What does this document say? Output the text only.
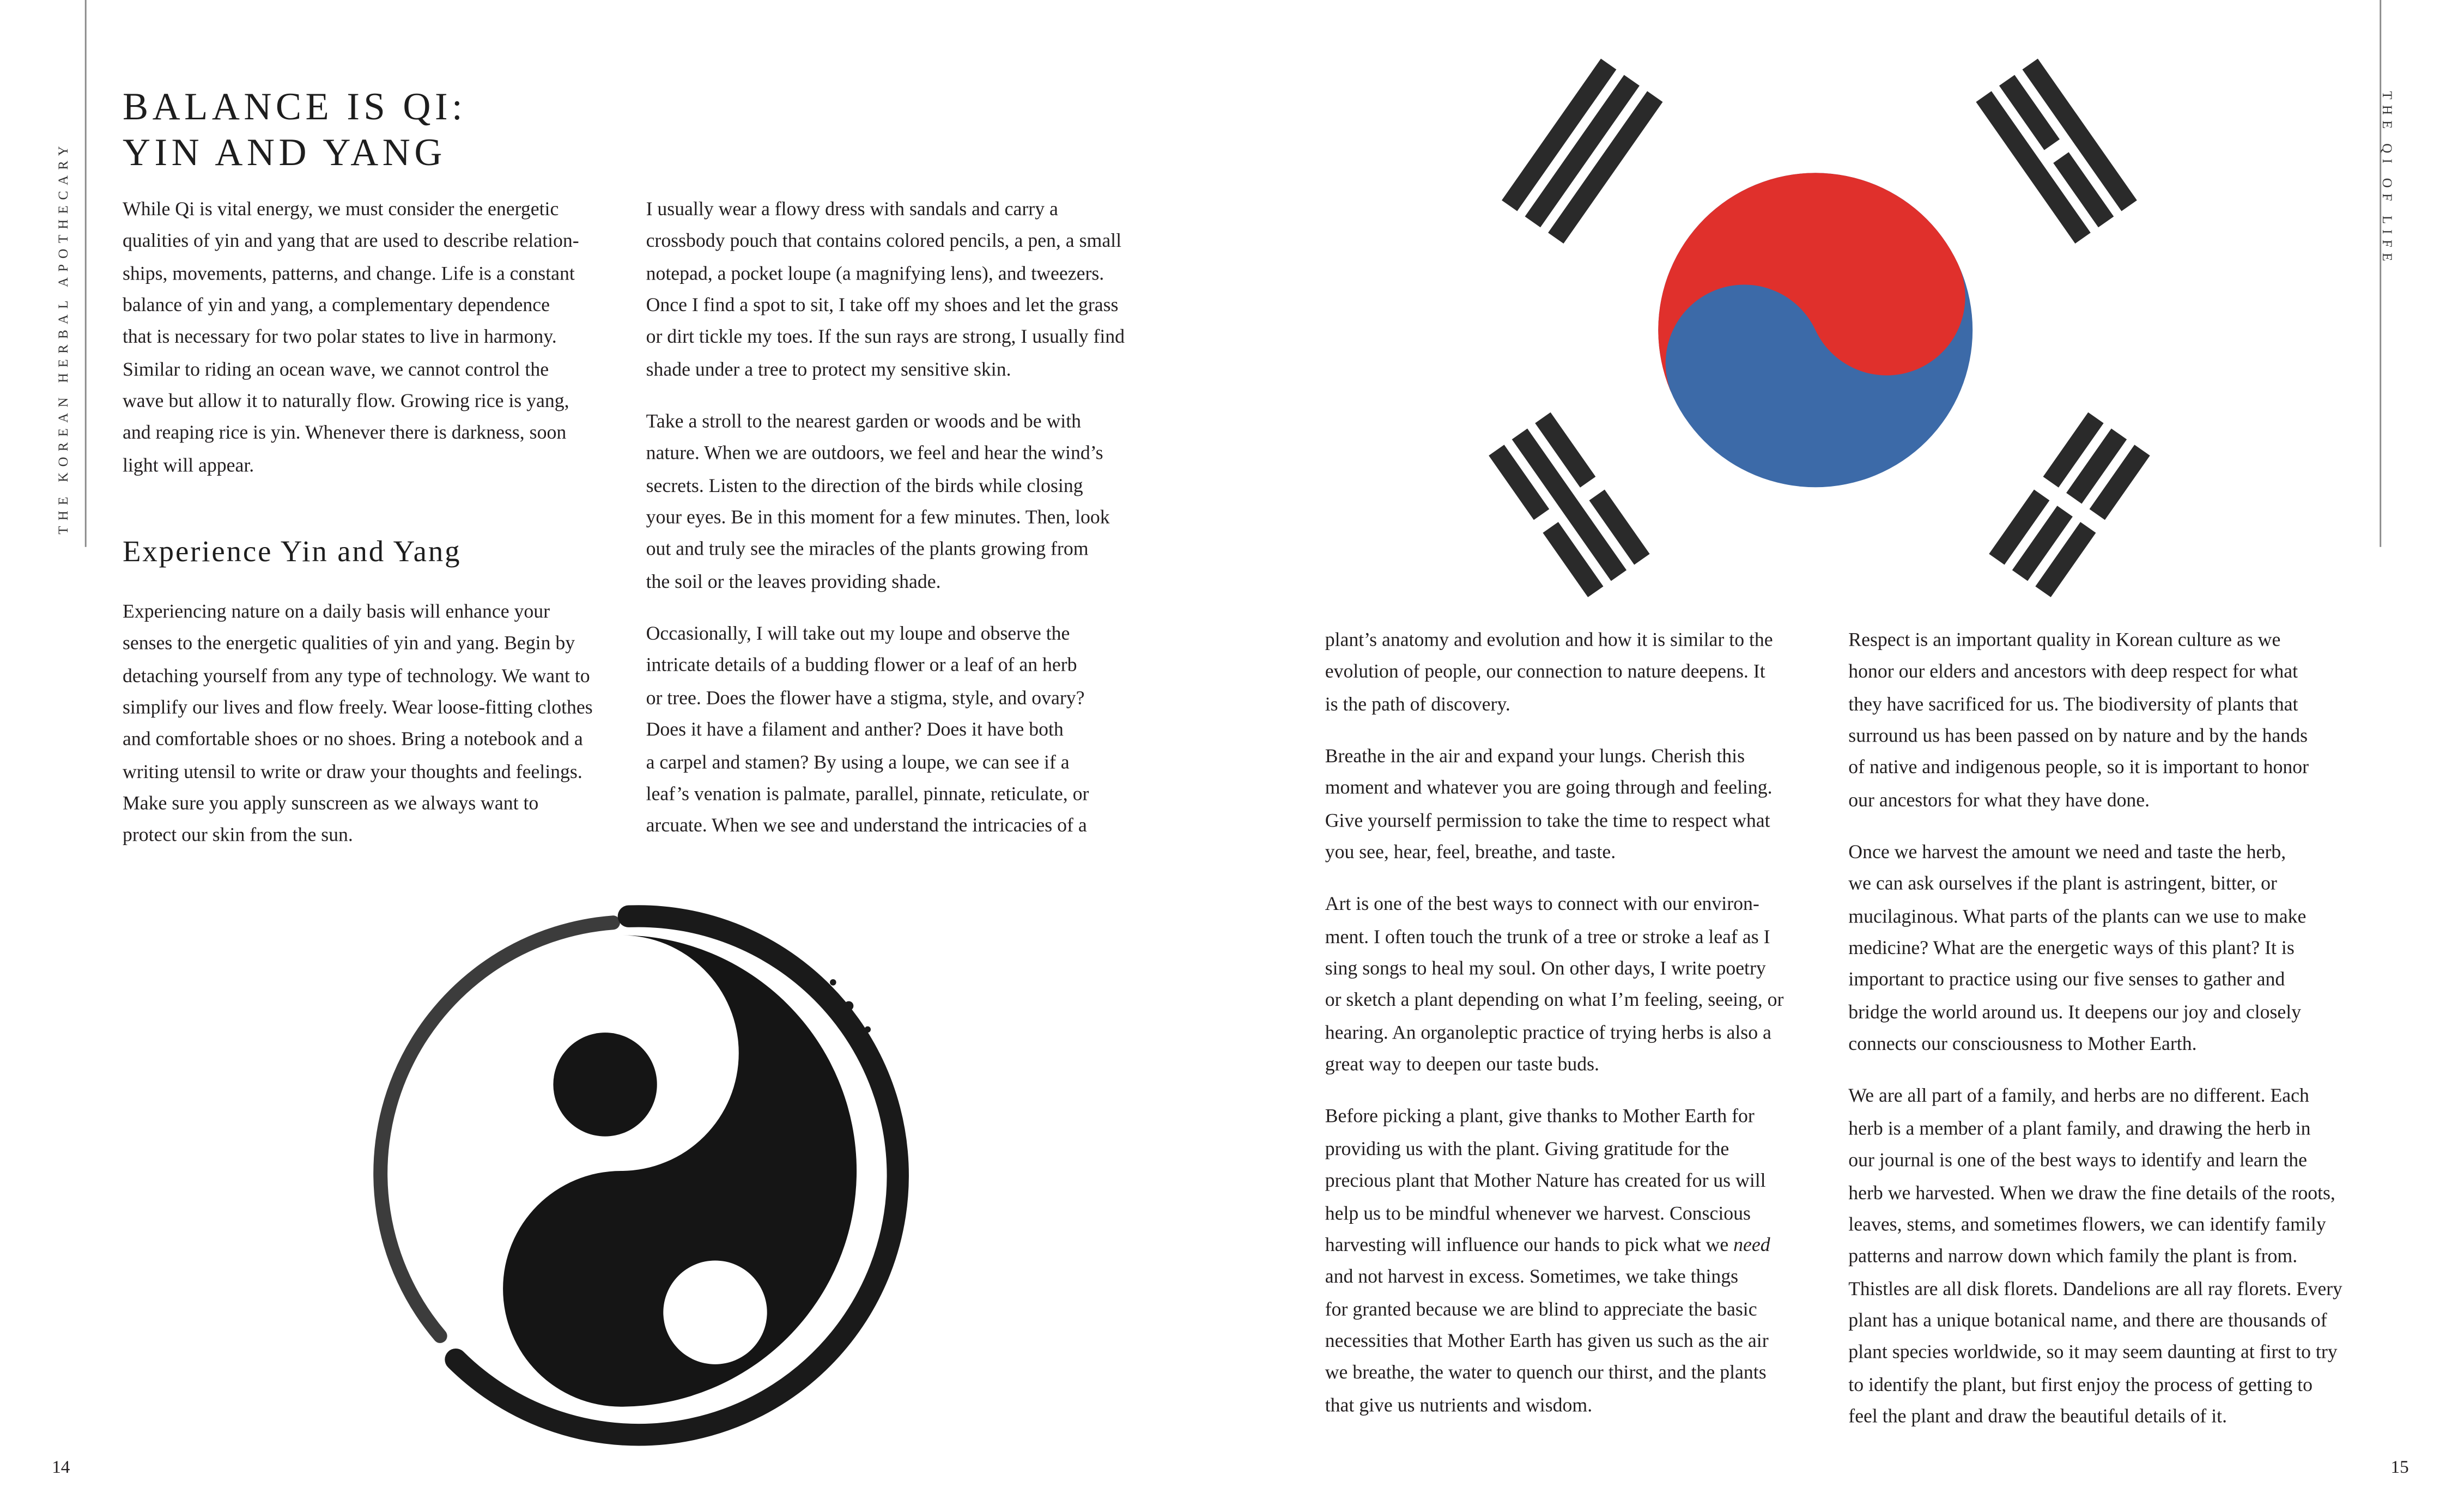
THE KOREAN HERBAL APOTHECARY	THE QI OF LIFE
BALANCE IS QI:
YIN AND YANG
While Qi is vital energy, we must consider the energetic
qualities of yin and yang that are used to describe relation-
ships, movements, patterns, and change. Life is a constant
balance of yin and yang, a complementary dependence
that is necessary for two polar states to live in harmony.
Similar to riding an ocean wave, we cannot control the
wave but allow it to naturally flow. Growing rice is yang,
and reaping rice is yin. Whenever there is darkness, soon
light will appear.
Experience Yin and Yang
Experiencing nature on a daily basis will enhance your
senses to the energetic qualities of yin and yang. Begin by
detaching yourself from any type of technology. We want to
simplify our lives and flow freely. Wear loose-fitting clothes
and comfortable shoes or no shoes. Bring a notebook and a
writing utensil to write or draw your thoughts and feelings.
Make sure you apply sunscreen as we always want to
protect our skin from the sun.
I usually wear a flowy dress with sandals and carry a
crossbody pouch that contains colored pencils, a pen, a small
notepad, a pocket loupe (a magnifying lens), and tweezers.
Once I find a spot to sit, I take off my shoes and let the grass
or dirt tickle my toes. If the sun rays are strong, I usually find
shade under a tree to protect my sensitive skin.
Take a stroll to the nearest garden or woods and be with
nature. When we are outdoors, we feel and hear the wind’s
secrets. Listen to the direction of the birds while closing
your eyes. Be in this moment for a few minutes. Then, look
out and truly see the miracles of the plants growing from
the soil or the leaves providing shade.
Occasionally, I will take out my loupe and observe the
intricate details of a budding flower or a leaf of an herb
or tree. Does the flower have a stigma, style, and ovary?
Does it have a filament and anther? Does it have both
a carpel and stamen? By using a loupe, we can see if a
leaf’s venation is palmate, parallel, pinnate, reticulate, or
arcuate. When we see and understand the intricacies of a
plant’s anatomy and evolution and how it is similar to the
evolution of people, our connection to nature deepens. It
is the path of discovery.
Breathe in the air and expand your lungs. Cherish this
moment and whatever you are going through and feeling.
Give yourself permission to take the time to respect what
you see, hear, feel, breathe, and taste.
Art is one of the best ways to connect with our environ-
ment. I often touch the trunk of a tree or stroke a leaf as I
sing songs to heal my soul. On other days, I write poetry
or sketch a plant depending on what I’m feeling, seeing, or
hearing. An organoleptic practice of trying herbs is also a
great way to deepen our taste buds.
Before picking a plant, give thanks to Mother Earth for
providing us with the plant. Giving gratitude for the
precious plant that Mother Nature has created for us will
help us to be mindful whenever we harvest. Conscious
harvesting will influence our hands to pick what we need
and not harvest in excess. Sometimes, we take things
for granted because we are blind to appreciate the basic
necessities that Mother Earth has given us such as the air
we breathe, the water to quench our thirst, and the plants
that give us nutrients and wisdom.
Respect is an important quality in Korean culture as we
honor our elders and ancestors with deep respect for what
they have sacrificed for us. The biodiversity of plants that
surround us has been passed on by nature and by the hands
of native and indigenous people, so it is important to honor
our ancestors for what they have done.
Once we harvest the amount we need and taste the herb,
we can ask ourselves if the plant is astringent, bitter, or
mucilaginous. What parts of the plants can we use to make
medicine? What are the energetic ways of this plant? It is
important to practice using our five senses to gather and
bridge the world around us. It deepens our joy and closely
connects our consciousness to Mother Earth.
We are all part of a family, and herbs are no different. Each
herb is a member of a plant family, and drawing the herb in
our journal is one of the best ways to identify and learn the
herb we harvested. When we draw the fine details of the roots,
leaves, stems, and sometimes flowers, we can identify family
patterns and narrow down which family the plant is from.
Thistles are all disk florets. Dandelions are all ray florets. Every
plant has a unique botanical name, and there are thousands of
plant species worldwide, so it may seem daunting at first to try
to identify the plant, but first enjoy the process of getting to
feel the plant and draw the beautiful details of it.
14	15
